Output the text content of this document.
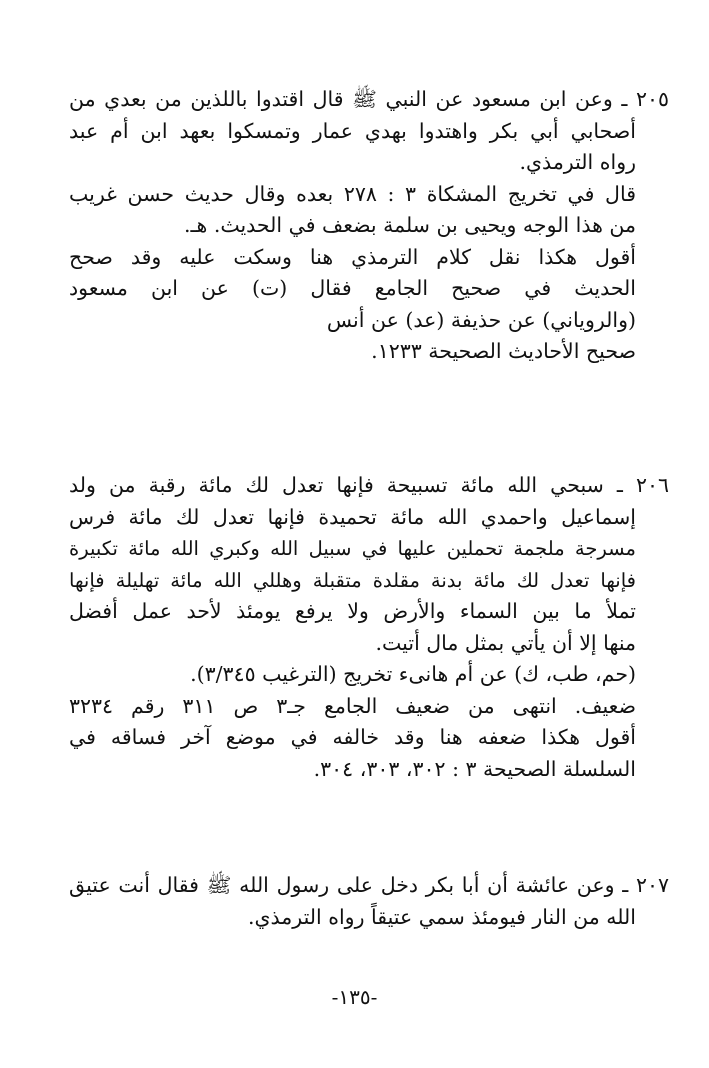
٢٠٥ ـ وعن ابن مسعود عن النبي ﷺ قال اقتدوا باللذين من بعدي من
أصحابي أبي بكر واهتدوا بهدي عمار وتمسكوا بعهد ابن أم عبد
رواه الترمذي.
قال في تخريج المشكاة ٣ : ٢٧٨ بعده وقال حديث حسن غريب
من هذا الوجه ويحيى بن سلمة بضعف في الحديث. هـ.
أقول هكذا نقل كلام الترمذي هنا وسكت عليه وقد صحح
الحديث في صحيح الجامع فقال (ت) عن ابن مسعود
(والروياني) عن حذيفة (عد) عن أنس
صحيح الأحاديث الصحيحة ١٢٣٣.
٢٠٦ ـ سبحي الله مائة تسبيحة فإنها تعدل لك مائة رقبة من ولد
إسماعيل واحمدي الله مائة تحميدة فإنها تعدل لك مائة فرس
مسرجة ملجمة تحملين عليها في سبيل الله وكبري الله مائة تكبيرة
فإنها تعدل لك مائة بدنة مقلدة متقبلة وهللي الله مائة تهليلة فإنها
تملأ ما بين السماء والأرض ولا يرفع يومئذ لأحد عمل أفضل
منها إلا أن يأتي بمثل مال أتيت.
(حم، طب، ك) عن أم هانىء تخريج (الترغيب ٣/٣٤٥).
ضعيف. انتهى من ضعيف الجامع جـ٣ ص ٣١١ رقم ٣٢٣٤
أقول هكذا ضعفه هنا وقد خالفه في موضع آخر فساقه في
السلسلة الصحيحة ٣ : ٣٠٢، ٣٠٣، ٣٠٤.
٢٠٧ ـ وعن عائشة أن أبا بكر دخل على رسول الله ﷺ فقال أنت عتيق
الله من النار فيومئذ سمي عتيقاً رواه الترمذي.
-١٣٥-
